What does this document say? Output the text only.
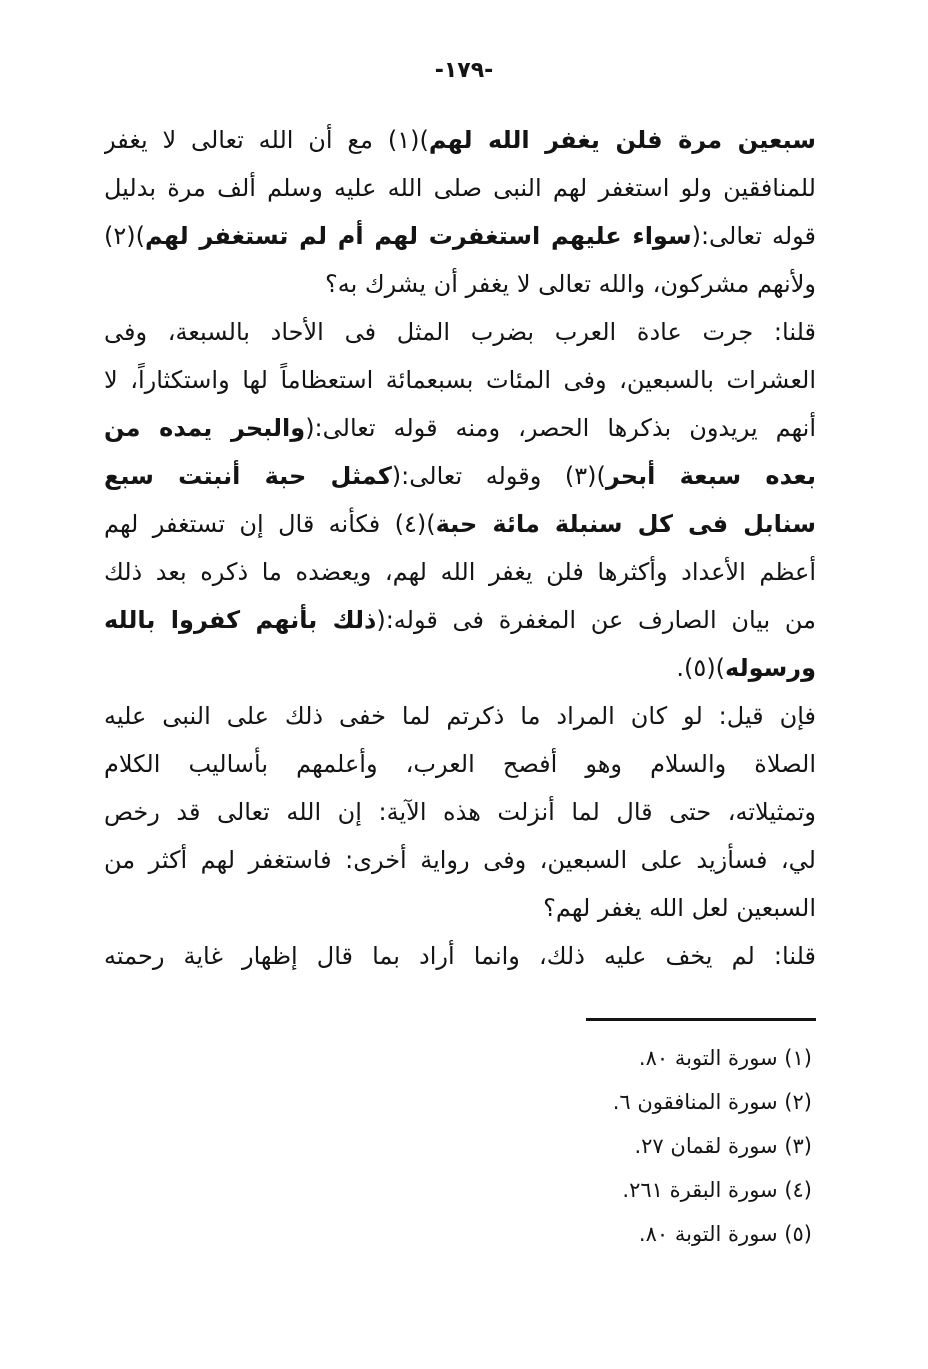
-١٧٩-
سبعين مرة فلن يغفر الله لهم)(١) مع أن الله تعالى لا يغفر
للمنافقين ولو استغفر لهم النبى صلى الله عليه وسلم ألف مرة بدليل
قوله تعالى:(سواء عليهم استغفرت لهم أم لم تستغفر لهم)(٢)
ولأنهم مشركون، والله تعالى لا يغفر أن يشرك به؟
قلنا: جرت عادة العرب بضرب المثل فى الأحاد بالسبعة، وفى
العشرات بالسبعين، وفى المئات بسبعمائة استعظاماً لها واستكثاراً، لا
أنهم يريدون بذكرها الحصر، ومنه قوله تعالى:(والبحر يمده من
بعده سبعة أبحر)(٣) وقوله تعالى:(كمثل حبة أنبتت سبع
سنابل فى كل سنبلة مائة حبة)(٤) فكأنه قال إن تستغفر لهم
أعظم الأعداد وأكثرها فلن يغفر الله لهم، ويعضده ما ذكره بعد ذلك
من بيان الصارف عن المغفرة فى قوله:(ذلك بأنهم كفروا بالله
ورسوله)(٥).
فإن قيل: لو كان المراد ما ذكرتم لما خفى ذلك على النبى عليه
الصلاة والسلام وهو أفصح العرب، وأعلمهم بأساليب الكلام
وتمثيلاته، حتى قال لما أنزلت هذه الآية: إن الله تعالى قد رخص
لي، فسأزيد على السبعين، وفى رواية أخرى: فاستغفر لهم أكثر من
السبعين لعل الله يغفر لهم؟
قلنا: لم يخف عليه ذلك، وانما أراد بما قال إظهار غاية رحمته
(١) سورة التوبة ٨٠.
(٢) سورة المنافقون ٦.
(٣) سورة لقمان ٢٧.
(٤) سورة البقرة ٢٦١.
(٥) سورة التوبة ٨٠.
